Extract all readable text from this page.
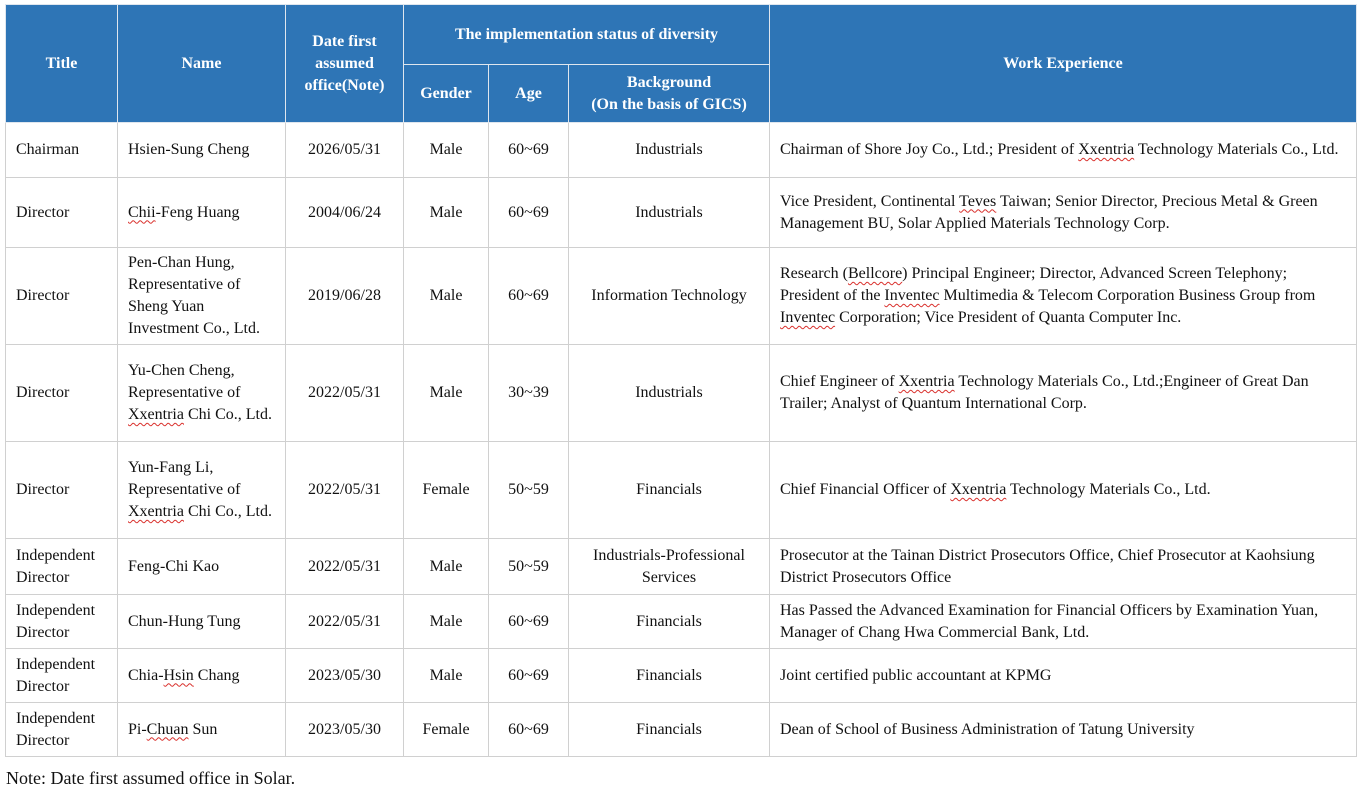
Title	Name	Date first assumed office(Note)	The implementation status of diversity			Work Experience
			Gender	Age	Background
(On the basis of GICS)	

Chairman	Hsien-Sung Cheng	2026/05/31	Male	60~69	Industrials	Chairman of Shore Joy Co., Ltd.; President of Xxentria Technology Materials Co., Ltd.
Director	Chii-Feng Huang	2004/06/24	Male	60~69	Industrials	Vice President, Continental Teves Taiwan; Senior Director, Precious Metal & Green Management BU, Solar Applied Materials Technology Corp.
Director	Pen-Chan Hung, Representative of Sheng Yuan Investment Co., Ltd.	2019/06/28	Male	60~69	Information Technology	Research (Bellcore) Principal Engineer; Director, Advanced Screen Telephony; President of the Inventec Multimedia & Telecom Corporation Business Group from Inventec Corporation; Vice President of Quanta Computer Inc.
Director	Yu-Chen Cheng, Representative of Xxentria Chi Co., Ltd.	2022/05/31	Male	30~39	Industrials	Chief Engineer of Xxentria Technology Materials Co., Ltd.;Engineer of Great Dan Trailer; Analyst of Quantum International Corp.
Director	Yun-Fang Li, Representative of Xxentria Chi Co., Ltd.	2022/05/31	Female	50~59	Financials	Chief Financial Officer of Xxentria Technology Materials Co., Ltd.
Independent Director	Feng-Chi Kao	2022/05/31	Male	50~59	Industrials-Professional Services	Prosecutor at the Tainan District Prosecutors Office, Chief Prosecutor at Kaohsiung District Prosecutors Office
Independent Director	Chun-Hung Tung	2022/05/31	Male	60~69	Financials	Has Passed the Advanced Examination for Financial Officers by Examination Yuan, Manager of Chang Hwa Commercial Bank, Ltd.
Independent Director	Chia-Hsin Chang	2023/05/30	Male	60~69	Financials	Joint certified public accountant at KPMG
Independent Director	Pi-Chuan Sun	2023/05/30	Female	60~69	Financials	Dean of School of Business Administration of Tatung University
Note: Date first assumed office in Solar.
